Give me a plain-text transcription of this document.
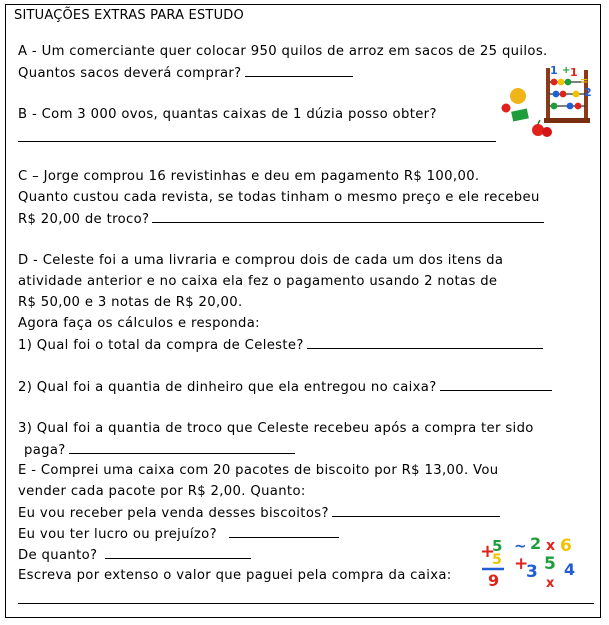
SITUAÇÕES EXTRAS PARA ESTUDO
A - Um comerciante quer colocar 950 quilos de arroz em sacos de 25 quilos.
Quantos sacos deverá comprar?
B - Com 3 000 ovos, quantas caixas de 1 dúzia posso obter?
C – Jorge comprou 16 revistinhas e deu em pagamento R$ 100,00.
Quanto custou cada revista, se todas tinham o mesmo preço e ele recebeu
R$ 20,00 de troco?
D - Celeste foi a uma livraria e comprou dois de cada um dos itens da
atividade anterior e no caixa ela fez o pagamento usando 2 notas de
R$ 50,00 e 3 notas de R$ 20,00.
Agora faça os cálculos e responda:
1) Qual foi o total da compra de Celeste?
2) Qual foi a quantia de dinheiro que ela entregou no caixa?
3) Qual foi a quantia de troco que Celeste recebeu após a compra ter sido
paga?
E - Comprei uma caixa com 20 pacotes de biscoito por R$ 13,00. Vou
vender cada pacote por R$ 2,00. Quanto:
Eu vou receber pela venda desses biscoitos?
Eu vou ter lucro ou prejuízo?
De quanto?
Escreva por extenso o valor que paguei pela compra da caixa:
1 + 1
=
2
+
5
5
9
~ 2 x 6
+
3 5 4
x
